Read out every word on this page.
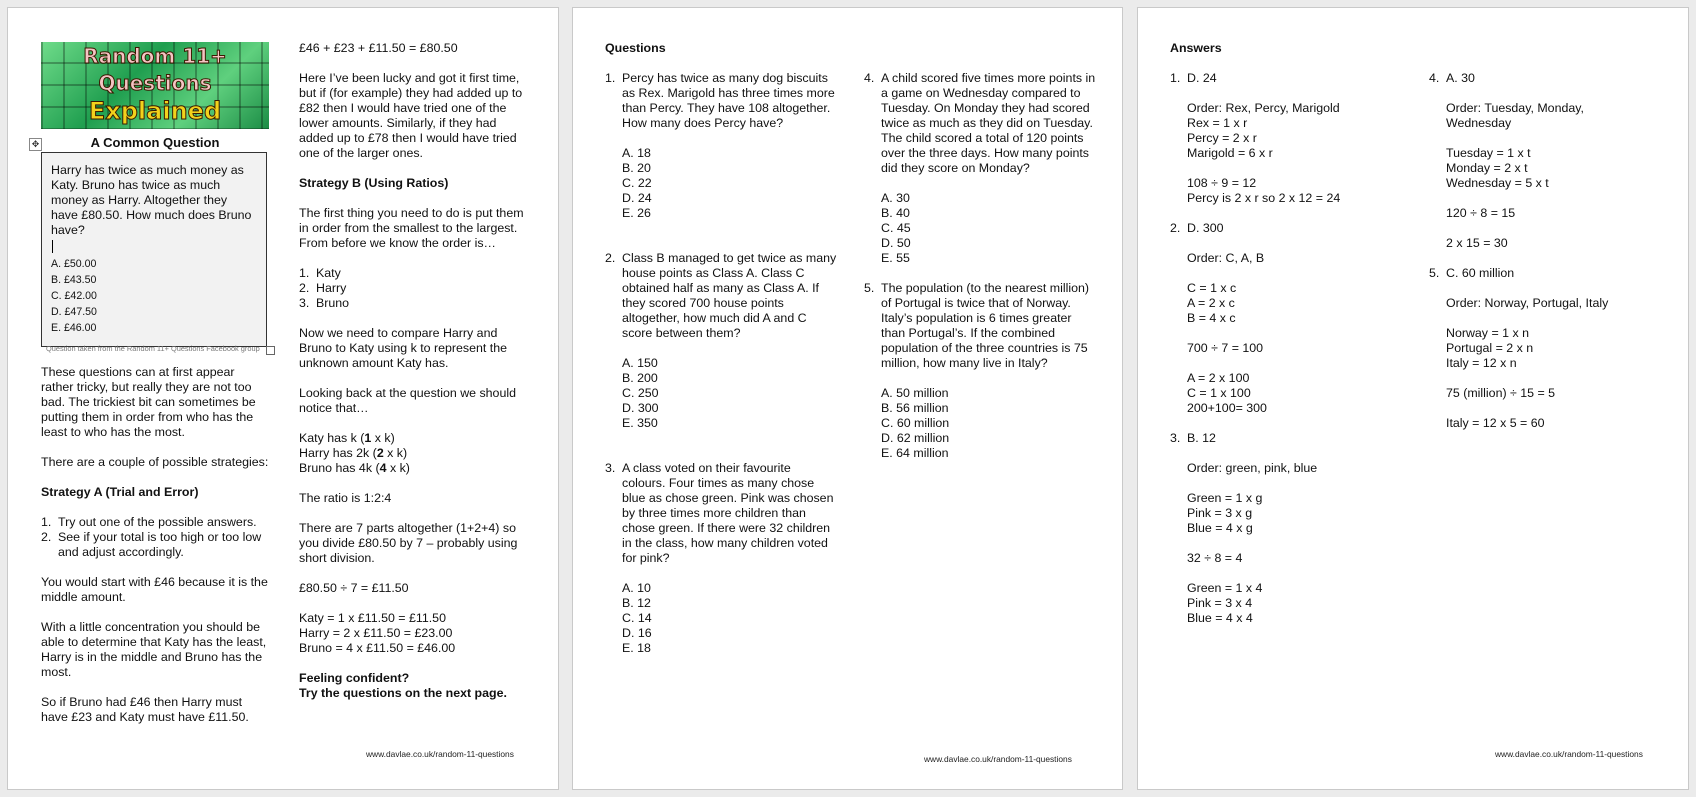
Random 11+
Questions
Explained
✥	A Common Question

Harry has twice as much money as Katy. Bruno has twice as much money as Harry. Altogether they have £80.50. How much does Bruno have?

A. £50.00
B. £43.50
C. £42.00
D. £47.50
E. £46.00
Question taken from the Random 11+ Questions Facebook group

These questions can at first appear rather tricky, but really they are not too bad. The trickiest bit can sometimes be putting them in order from who has the least to who has the most.

There are a couple of possible strategies:

Strategy A (Trial and Error)

1. Try out one of the possible answers.
2. See if your total is too high or too low and adjust accordingly.

You would start with £46 because it is the middle amount.

With a little concentration you should be able to determine that Katy has the least, Harry is in the middle and Bruno has the most.

So if Bruno had £46 then Harry must have £23 and Katy must have £11.50.

£46 + £23 + £11.50 = £80.50

Here I’ve been lucky and got it first time, but if (for example) they had added up to £82 then I would have tried one of the lower amounts. Similarly, if they had added up to £78 then I would have tried one of the larger ones.

Strategy B (Using Ratios)

The first thing you need to do is put them in order from the smallest to the largest. From before we know the order is…

1. Katy
2. Harry
3. Bruno

Now we need to compare Harry and Bruno to Katy using k to represent the unknown amount Katy has.

Looking back at the question we should notice that…

Katy has k (1 x k)
Harry has 2k (2 x k)
Bruno has 4k (4 x k)

The ratio is 1:2:4

There are 7 parts altogether (1+2+4) so you divide £80.50 by 7 – probably using short division.

£80.50 ÷ 7 = £11.50

Katy = 1 x £11.50 = £11.50
Harry = 2 x £11.50 = £23.00
Bruno = 4 x £11.50 = £46.00

Feeling confident?
Try the questions on the next page.

www.davlae.co.uk/random-11-questions

Questions

1. Percy has twice as many dog biscuits as Rex. Marigold has three times more than Percy. They have 108 altogether. How many does Percy have?
A. 18
B. 20
C. 22
D. 24
E. 26
2. Class B managed to get twice as many house points as Class A. Class C obtained half as many as Class A. If they scored 700 house points altogether, how much did A and C score between them?
A. 150
B. 200
C. 250
D. 300
E. 350
3. A class voted on their favourite colours. Four times as many chose blue as chose green. Pink was chosen by three times more children than chose green. If there were 32 children in the class, how many children voted for pink?
A. 10
B. 12
C. 14
D. 16
E. 18
4. A child scored five times more points in a game on Wednesday compared to Tuesday. On Monday they had scored twice as much as they did on Tuesday. The child scored a total of 120 points over the three days. How many points did they score on Monday?
A. 30
B. 40
C. 45
D. 50
E. 55
5. The population (to the nearest million) of Portugal is twice that of Norway. Italy’s population is 6 times greater than Portugal’s. If the combined population of the three countries is 75 million, how many live in Italy?
A. 50 million
B. 56 million
C. 60 million
D. 62 million
E. 64 million
www.davlae.co.uk/random-11-questions

Answers

1. D. 24
Order: Rex, Percy, Marigold
Rex = 1 x r
Percy = 2 x r
Marigold = 6 x r
108 ÷ 9 = 12
Percy is 2 x r so 2 x 12 = 24
2. D. 300
Order: C, A, B
C = 1 x c
A = 2 x c
B = 4 x c
700 ÷ 7 = 100
A = 2 x 100
C = 1 x 100
200+100= 300
3. B. 12
Order: green, pink, blue
Green = 1 x g
Pink = 3 x g
Blue = 4 x g
32 ÷ 8 = 4
Green = 1 x 4
Pink = 3 x 4
Blue = 4 x 4
4. A. 30
Order: Tuesday, Monday, Wednesday
Tuesday = 1 x t
Monday = 2 x t
Wednesday = 5 x t
120 ÷ 8 = 15
2 x 15 = 30
5. C. 60 million
Order: Norway, Portugal, Italy
Norway = 1 x n
Portugal = 2 x n
Italy = 12 x n
75 (million) ÷ 15 = 5
Italy = 12 x 5 = 60
www.davlae.co.uk/random-11-questions
